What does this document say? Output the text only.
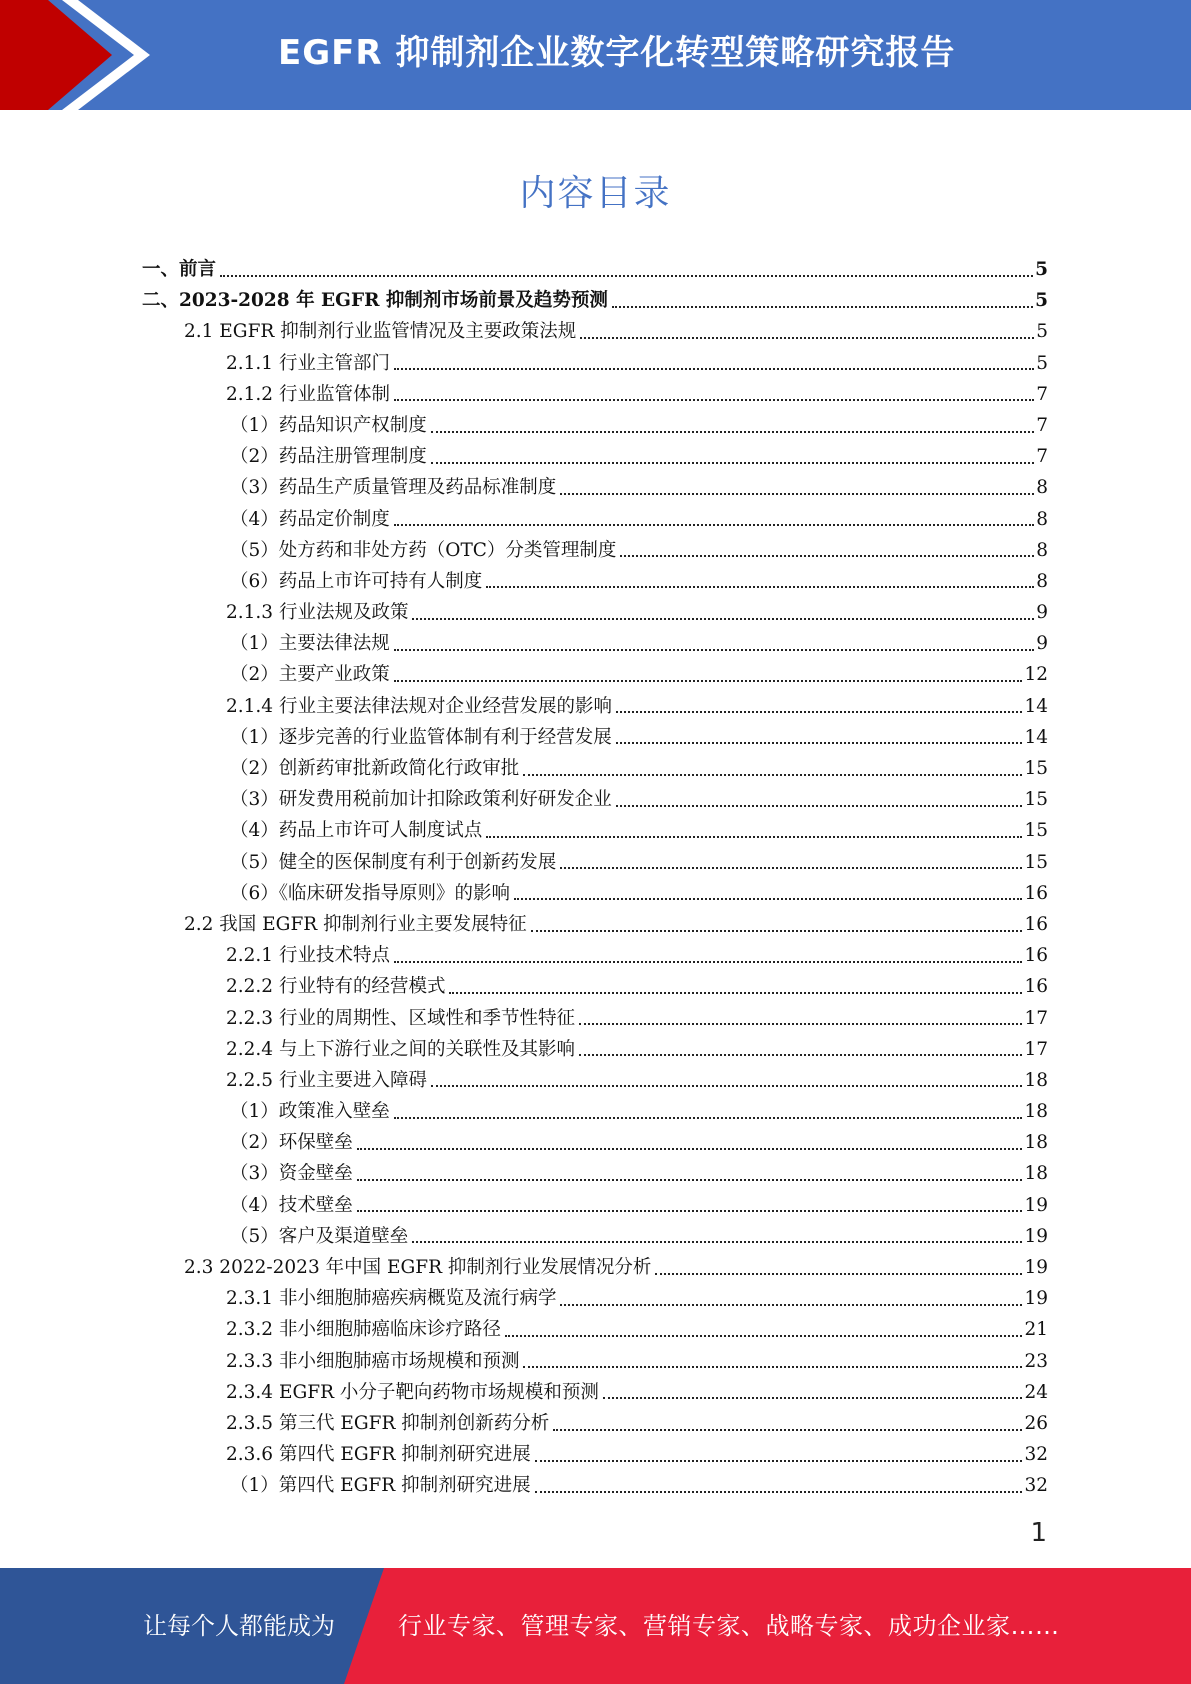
EGFR 抑制剂企业数字化转型策略研究报告
内容目录
一、前言	5
二、2023-2028 年 EGFR 抑制剂市场前景及趋势预测	5
2.1 EGFR 抑制剂行业监管情况及主要政策法规	5
2.1.1 行业主管部门	5
2.1.2 行业监管体制	7
（1）药品知识产权制度	7
（2）药品注册管理制度	7
（3）药品生产质量管理及药品标准制度	8
（4）药品定价制度	8
（5）处方药和非处方药（OTC）分类管理制度	8
（6）药品上市许可持有人制度	8
2.1.3 行业法规及政策	9
（1）主要法律法规	9
（2）主要产业政策	12
2.1.4 行业主要法律法规对企业经营发展的影响	14
（1）逐步完善的行业监管体制有利于经营发展	14
（2）创新药审批新政简化行政审批	15
（3）研发费用税前加计扣除政策利好研发企业	15
（4）药品上市许可人制度试点	15
（5）健全的医保制度有利于创新药发展	15
（6）《临床研发指导原则》的影响	16
2.2 我国 EGFR 抑制剂行业主要发展特征	16
2.2.1 行业技术特点	16
2.2.2 行业特有的经营模式	16
2.2.3 行业的周期性、区域性和季节性特征	17
2.2.4 与上下游行业之间的关联性及其影响	17
2.2.5 行业主要进入障碍	18
（1）政策准入壁垒	18
（2）环保壁垒	18
（3）资金壁垒	18
（4）技术壁垒	19
（5）客户及渠道壁垒	19
2.3 2022-2023 年中国 EGFR 抑制剂行业发展情况分析	19
2.3.1 非小细胞肺癌疾病概览及流行病学	19
2.3.2 非小细胞肺癌临床诊疗路径	21
2.3.3 非小细胞肺癌市场规模和预测	23
2.3.4 EGFR 小分子靶向药物市场规模和预测	24
2.3.5 第三代 EGFR 抑制剂创新药分析	26
2.3.6 第四代 EGFR 抑制剂研究进展	32
（1）第四代 EGFR 抑制剂研究进展	32
1
让每个人都能成为	行业专家、管理专家、营销专家、战略专家、成功企业家……
